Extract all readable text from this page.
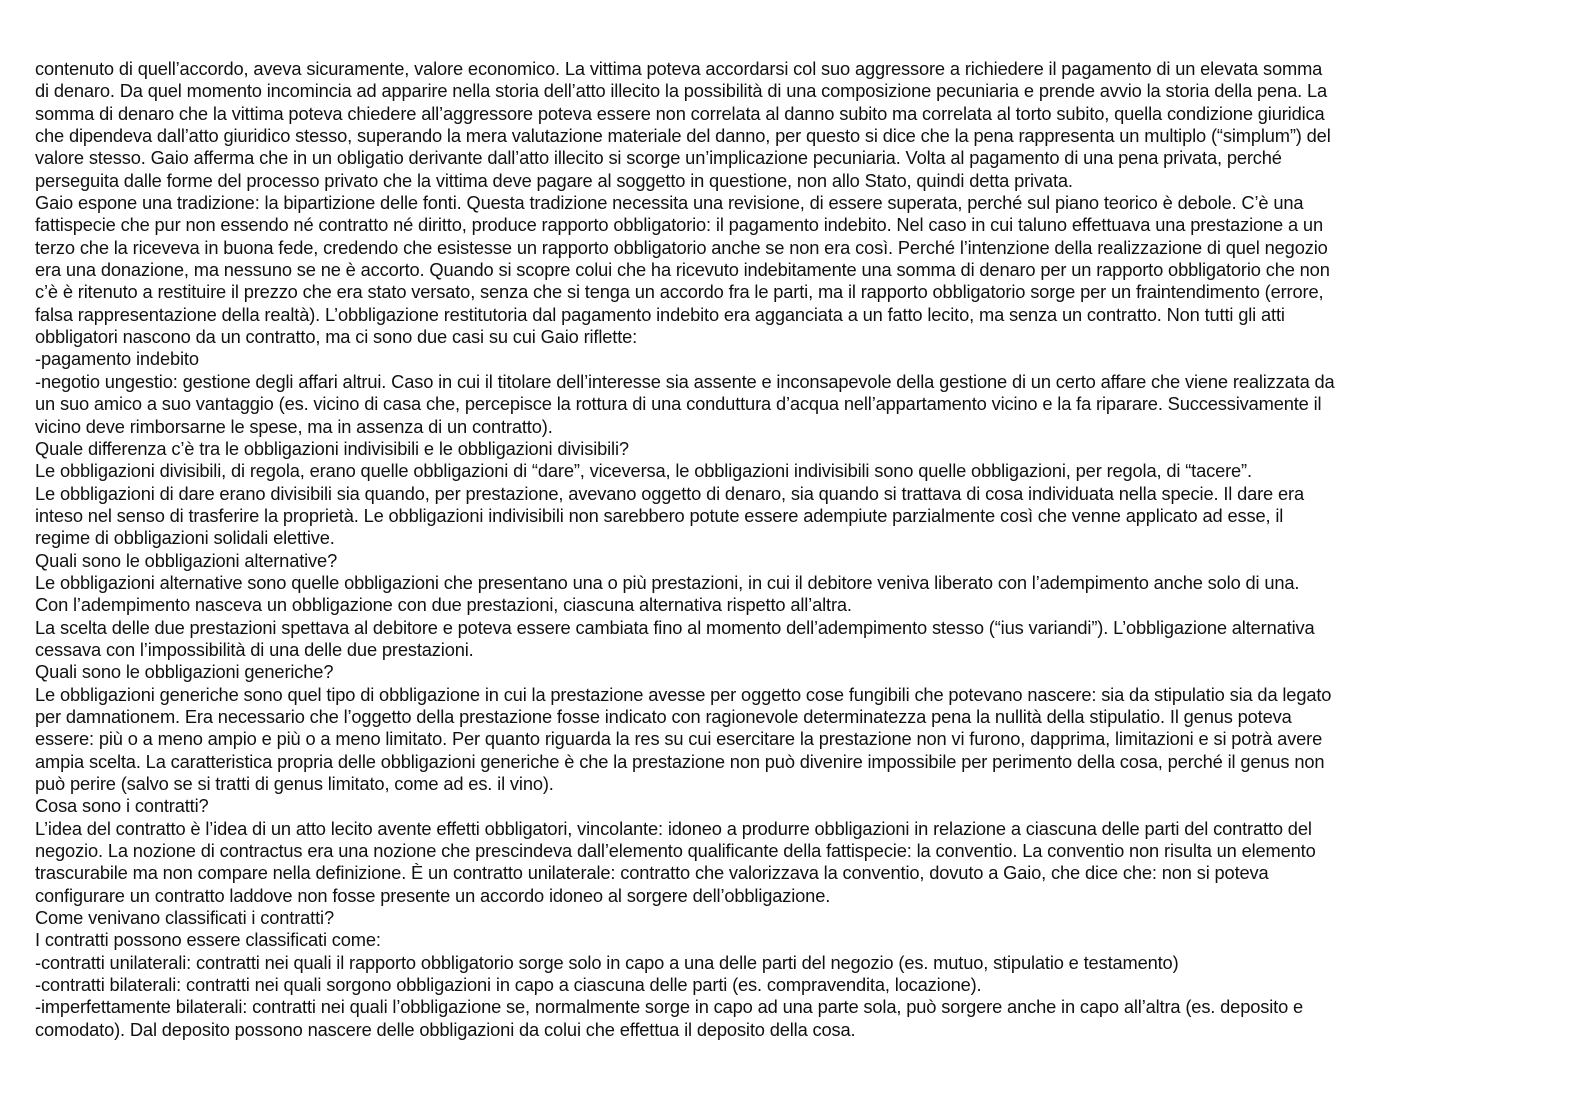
contenuto di quell’accordo, aveva sicuramente, valore economico. La vittima poteva accordarsi col suo aggressore a richiedere il pagamento di un elevata somma
di denaro. Da quel momento incomincia ad apparire nella storia dell’atto illecito la possibilità di una composizione pecuniaria e prende avvio la storia della pena. La
somma di denaro che la vittima poteva chiedere all’aggressore poteva essere non correlata al danno subito ma correlata al torto subito, quella condizione giuridica
che dipendeva dall’atto giuridico stesso, superando la mera valutazione materiale del danno, per questo si dice che la pena rappresenta un multiplo (“simplum”) del
valore stesso. Gaio afferma che in un obligatio derivante dall’atto illecito si scorge un’implicazione pecuniaria. Volta al pagamento di una pena privata, perché
perseguita dalle forme del processo privato che la vittima deve pagare al soggetto in questione, non allo Stato, quindi detta privata.
Gaio espone una tradizione: la bipartizione delle fonti. Questa tradizione necessita una revisione, di essere superata, perché sul piano teorico è debole. C’è una
fattispecie che pur non essendo né contratto né diritto, produce rapporto obbligatorio: il pagamento indebito. Nel caso in cui taluno effettuava una prestazione a un
terzo che la riceveva in buona fede, credendo che esistesse un rapporto obbligatorio anche se non era così. Perché l’intenzione della realizzazione di quel negozio
era una donazione, ma nessuno se ne è accorto. Quando si scopre colui che ha ricevuto indebitamente una somma di denaro per un rapporto obbligatorio che non
c’è è ritenuto a restituire il prezzo che era stato versato, senza che si tenga un accordo fra le parti, ma il rapporto obbligatorio sorge per un fraintendimento (errore,
falsa rappresentazione della realtà). L’obbligazione restitutoria dal pagamento indebito era agganciata a un fatto lecito, ma senza un contratto. Non tutti gli atti
obbligatori nascono da un contratto, ma ci sono due casi su cui Gaio riflette:
-pagamento indebito
-negotio ungestio: gestione degli affari altrui. Caso in cui il titolare dell’interesse sia assente e inconsapevole della gestione di un certo affare che viene realizzata da
un suo amico a suo vantaggio (es. vicino di casa che, percepisce la rottura di una conduttura d’acqua nell’appartamento vicino e la fa riparare. Successivamente il
vicino deve rimborsarne le spese, ma in assenza di un contratto).
Quale differenza c’è tra le obbligazioni indivisibili e le obbligazioni divisibili?
Le obbligazioni divisibili, di regola, erano quelle obbligazioni di “dare”, viceversa, le obbligazioni indivisibili sono quelle obbligazioni, per regola, di “tacere”.
Le obbligazioni di dare erano divisibili sia quando, per prestazione, avevano oggetto di denaro, sia quando si trattava di cosa individuata nella specie. Il dare era
inteso nel senso di trasferire la proprietà. Le obbligazioni indivisibili non sarebbero potute essere adempiute parzialmente così che venne applicato ad esse, il
regime di obbligazioni solidali elettive.
Quali sono le obbligazioni alternative?
Le obbligazioni alternative sono quelle obbligazioni che presentano una o più prestazioni, in cui il debitore veniva liberato con l’adempimento anche solo di una.
Con l’adempimento nasceva un obbligazione con due prestazioni, ciascuna alternativa rispetto all’altra.
La scelta delle due prestazioni spettava al debitore e poteva essere cambiata fino al momento dell’adempimento stesso (“ius variandi”). L’obbligazione alternativa
cessava con l’impossibilità di una delle due prestazioni.
Quali sono le obbligazioni generiche?
Le obbligazioni generiche sono quel tipo di obbligazione in cui la prestazione avesse per oggetto cose fungibili che potevano nascere: sia da stipulatio sia da legato
per damnationem. Era necessario che l’oggetto della prestazione fosse indicato con ragionevole determinatezza pena la nullità della stipulatio. Il genus poteva
essere: più o a meno ampio e più o a meno limitato. Per quanto riguarda la res su cui esercitare la prestazione non vi furono, dapprima, limitazioni e si potrà avere
ampia scelta. La caratteristica propria delle obbligazioni generiche è che la prestazione non può divenire impossibile per perimento della cosa, perché il genus non
può perire (salvo se si tratti di genus limitato, come ad es. il vino).
Cosa sono i contratti?
L’idea del contratto è l’idea di un atto lecito avente effetti obbligatori, vincolante: idoneo a produrre obbligazioni in relazione a ciascuna delle parti del contratto del
negozio. La nozione di contractus era una nozione che prescindeva dall’elemento qualificante della fattispecie: la conventio. La conventio non risulta un elemento
trascurabile ma non compare nella definizione. È un contratto unilaterale: contratto che valorizzava la conventio, dovuto a Gaio, che dice che: non si poteva
configurare un contratto laddove non fosse presente un accordo idoneo al sorgere dell’obbligazione.
Come venivano classificati i contratti?
I contratti possono essere classificati come:
-contratti unilaterali: contratti nei quali il rapporto obbligatorio sorge solo in capo a una delle parti del negozio (es. mutuo, stipulatio e testamento)
-contratti bilaterali: contratti nei quali sorgono obbligazioni in capo a ciascuna delle parti (es. compravendita, locazione).
-imperfettamente bilaterali: contratti nei quali l’obbligazione se, normalmente sorge in capo ad una parte sola, può sorgere anche in capo all’altra (es. deposito e
comodato). Dal deposito possono nascere delle obbligazioni da colui che effettua il deposito della cosa.
